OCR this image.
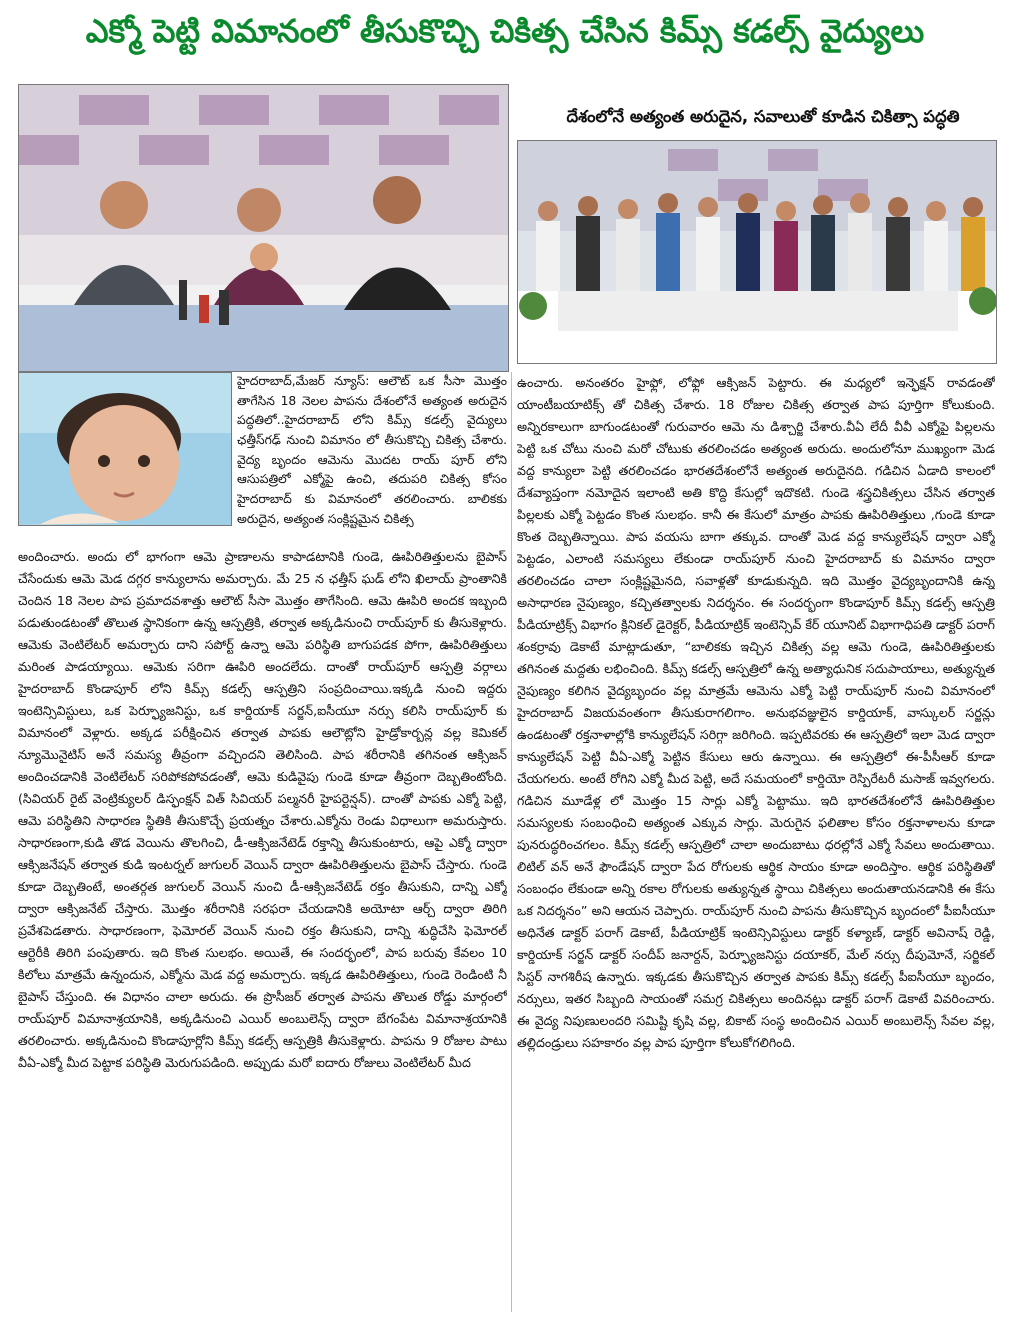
ఎక్మో పెట్టి విమానంలో తీసుకొచ్చి చికిత్స చేసిన కిమ్స్ కడల్స్ వైద్యులు
దేశంలోనే అత్యంత అరుదైన, సవాలుతో కూడిన చికిత్సా పద్ధతి

హైదరాబాద్,మేజర్ న్యూస్: ఆలౌట్ ఒక సీసా మొత్తం తాగేసిన 18 నెలల పాపను దేశంలోనే అత్యంత అరుదైన పద్ధతిలో..హైదరాబాద్ లోని కిమ్స్ కడల్స్ వైద్యులు ఛత్తీస్‌గఢ్ నుంచి విమానం లో తీసుకొచ్చి చికిత్స చేశారు. వైద్య బృందం ఆమెను మొదట రాయ్ పూర్ లోని ఆసుపత్రిలో ఎక్మోపై ఉంచి, తదుపరి చికిత్స కోసం హైదరాబాద్ కు విమానంలో తరలించారు. బాలికకు అరుదైన, అత్యంత సంక్లిష్టమైన చికిత్స

అందించారు. అందు లో భాగంగా ఆమె ప్రాణాలను కాపాడటానికి గుండె, ఊపిరితిత్తులను బైపాస్ చేసేందుకు ఆమె మెడ దగ్గర కాన్యులాను అమర్చారు. మే 25 న ఛత్తీస్ ఘడ్ లోని ఖిలాయ్ ప్రాంతానికి చెందిన 18 నెలల పాప ప్రమాదవశాత్తు ఆలౌట్ సీసా మొత్తం తాగేసింది. ఆమె ఊపిరి అందక ఇబ్బంది పడుతుండటంతో తొలుత స్థానికంగా ఉన్న ఆస్పత్రికి, తర్వాత అక్కడినుంచి రాయ్‌పూర్ కు తీసుకెళ్లారు. ఆమెకు వెంటిలేటర్ అమర్చారు దాని సపోర్ట్ ఉన్నా ఆమె పరిస్థితి బాగుపడక పోగా, ఊపిరితిత్తులు మరింత పాడయ్యాయి. ఆమెకు సరిగా ఊపిరి అందలేదు. దాంతో రాయ్‌పూర్ ఆస్పత్రి వర్గాలు హైదరాబాద్ కొండాపూర్ లోని కిమ్స్ కడల్స్ ఆస్పత్రిని సంప్రదించాయి.ఇక్కడి నుంచి ఇద్దరు ఇంటెన్సివిస్టులు, ఒక పెర్ఫ్యూజనిస్టు, ఒక కార్డియాక్ సర్జన్,ఐసీయూ నర్సు కలిసి రాయ్‌పూర్ కు విమానంలో వెళ్లారు. అక్కడ పరీక్షించిన తర్వాత పాపకు ఆలౌట్లోని హైడ్రోకార్బన్ల వల్ల కెమికల్ న్యూమొనైటిస్ అనే సమస్య తీవ్రంగా వచ్చిందని తెలిసింది. పాప శరీరానికి తగినంత ఆక్సిజన్ అందించడానికి వెంటిలేటర్ సరిపోకపోవడంతో, ఆమె కుడివైపు గుండె కూడా తీవ్రంగా దెబ్బతింటోంది. (సివియర్ రైట్ వెంట్రిక్యులర్ డిస్ఫంక్షన్ విత్ సివియర్ పల్మనరీ హైపర్టెన్షన్). దాంతో పాపకు ఎక్మో పెట్టి, ఆమె పరిస్థితిని సాధారణ స్థితికి తీసుకొచ్చే ప్రయత్నం చేశారు.ఎక్మోను రెండు విధాలుగా అమరుస్తారు. సాధారణంగా,కుడి తొడ వెయిను తొలగించి, డీ-ఆక్సిజనేటెడ్ రక్తాన్ని తీసుకుంటారు, ఆపై ఎక్మో ద్వారా ఆక్సిజనేషన్ తర్వాత కుడి ఇంటర్నల్ జుగులర్ వెయిన్ ద్వారా ఊపిరితిత్తులను బైపాస్ చేస్తారు. గుండె కూడా దెబ్బతింటే, అంతర్గత జుగులర్ వెయిన్ నుంచి డీ-ఆక్సిజనేటెడ్ రక్తం తీసుకుని, దాన్ని ఎక్మో ద్వారా ఆక్సిజనేట్ చేస్తారు. మొత్తం శరీరానికి సరఫరా చేయడానికి అయోటా ఆర్చ్ ద్వారా తిరిగి ప్రవేశపెడతారు. సాధారణంగా, ఫెమోరల్ వెయిన్ నుంచి రక్తం తీసుకుని, దాన్ని శుద్ధిచేసి ఫెమోరల్ ఆర్టెరీకి తిరిగి పంపుతారు. ఇది కొంత సులభం. అయితే, ఈ సందర్భంలో, పాప బరువు కేవలం 10 కిలోలు మాత్రమే ఉన్నందున, ఎక్మోను మెడ వద్ద అమర్చారు. ఇక్కడ ఊపిరితిత్తులు, గుండె రెండింటి నీ బైపాస్ చేస్తుంది. ఈ విధానం చాలా అరుదు. ఈ ప్రొసీజర్ తర్వాత పాపను తొలుత రోడ్డు మార్గంలో రాయ్‌పూర్ విమానాశ్రయానికి, అక్కడినుంచి ఎయిర్ అంబులెన్స్ ద్వారా బేగంపేట విమానాశ్రయానికి తరలించారు. అక్కడినుంచి కొండాపూర్లోని కిమ్స్ కడల్స్ ఆస్పత్రికి తీసుకెళ్లారు. పాపను 9 రోజుల పాటు వీఏ-ఎక్మో మీద పెట్టాక పరిస్థితి మెరుగుపడింది. అప్పుడు మరో ఐదారు రోజులు వెంటిలేటర్ మీద

ఉంచారు. అనంతరం హైఫ్లో, లోఫ్లో ఆక్సిజన్ పెట్టారు. ఈ మధ్యలో ఇన్ఫెక్షన్ రావడంతో యాంటీబయాటిక్స్ తో చికిత్స చేశారు. 18 రోజుల చికిత్స తర్వాత పాప పూర్తిగా కోలుకుంది. అన్నిరకాలుగా బాగుండటంతో గురువారం ఆమె ను డిశ్చార్జి చేశారు.వీఏ లేదీ వీవీ ఎక్మోపై పిల్లలను పెట్టి ఒక చోటు నుంచి మరో చోటుకు తరలించడం అత్యంత అరుదు. అందులోనూ ముఖ్యంగా మెడ వద్ద కాన్యులా పెట్టి తరలించడం భారతదేశంలోనే అత్యంత అరుదైనది. గడిచిన ఏడాది కాలంలో దేశవ్యాప్తంగా నమోదైన ఇలాంటి అతి కొద్ది కేసుల్లో ఇదొకటి. గుండె శస్త్రచికిత్సలు చేసిన తర్వాత పిల్లలకు ఎక్మో పెట్టడం కొంత సులభం. కానీ ఈ కేసులో మాత్రం పాపకు ఊపిరితిత్తులు ,గుండె కూడా కొంత దెబ్బతిన్నాయి. పాప వయసు బాగా తక్కువ. దాంతో మెడ వద్ద కాన్యులేషన్ ద్వారా ఎక్మో పెట్టడం, ఎలాంటి సమస్యలు లేకుండా రాయ్‌పూర్ నుంచి హైదరాబాద్ కు విమానం ద్వారా తరలించడం చాలా సంక్లిష్టమైనది, సవాళ్లతో కూడుకున్నది. ఇది మొత్తం వైద్యబృందానికి ఉన్న అసాధారణ నైపుణ్యం, కచ్చితత్వాలకు నిదర్శనం. ఈ సందర్భంగా కొండాపూర్ కిమ్స్ కడల్స్ ఆస్పత్రి పీడియాట్రిక్స్ విభాగం క్లినికల్ డైరెక్టర్, పీడియాట్రిక్ ఇంటెన్సివ్ కేర్ యూనిట్ విభాగాధిపతి డాక్టర్ పరాగ్ శంకర్రావు డెకాటే మాట్లాడుతూ, “బాలికకు ఇచ్చిన చికిత్స వల్ల ఆమె గుండె, ఊపిరితిత్తులకు తగినంత మద్దతు లభించింది. కిమ్స్ కడల్స్ ఆస్పత్రిలో ఉన్న అత్యాధునిక సదుపాయాలు, అత్యున్నత నైపుణ్యం కలిగిన వైద్యబృందం వల్ల మాత్రమే ఆమెను ఎక్మో పెట్టి రాయ్‌పూర్ నుంచి విమానంలో హైదరాబాద్ విజయవంతంగా తీసుకురాగలిగాం. అనుభవజ్ఞులైన కార్డియాక్, వాస్కులర్ సర్జన్లు ఉండటంతో రక్తనాళాల్లోకి కాన్యులేషన్ సరిగ్గా జరిగింది. ఇప్పటివరకు ఈ ఆస్పత్రిలో ఇలా మెడ ద్వారా కాన్యులేషన్ పెట్టి వీఏ-ఎక్మో పెట్టిన కేసులు ఆరు ఉన్నాయి. ఈ ఆస్పత్రిలో ఈ-పీసీఆర్ కూడా చేయగలరు. అంటే రోగిని ఎక్మో మీద పెట్టి, అదే సమయంలో కార్డియో రెస్పిరేటరీ మసాజ్ ఇవ్వగలరు. గడిచిన మూడేళ్ల లో మొత్తం 15 సార్లు ఎక్మో పెట్టాము. ఇది భారతదేశంలోనే ఊపిరితిత్తుల సమస్యలకు సంబంధించి అత్యంత ఎక్కువ సార్లు. మెరుగైన ఫలితాల కోసం రక్తనాళాలను కూడా పునరుద్ధరించగలం. కిమ్స్ కడల్స్ ఆస్పత్రిలో చాలా అందుబాటు ధరల్లోనే ఎక్మో సేవలు అందుతాయి. లిటిల్ వన్ అనే ఫౌండేషన్ ద్వారా పేద రోగులకు ఆర్థిక సాయం కూడా అందిస్తాం. ఆర్థిక పరిస్థితితో సంబంధం లేకుండా అన్ని రకాల రోగులకు అత్యున్నత స్థాయి చికిత్సలు అందుతాయనడానికి ఈ కేసు ఒక నిదర్శనం” అని ఆయన చెప్పారు. రాయ్‌పూర్ నుంచి పాపను తీసుకొచ్చిన బృందంలో పీఐసీయూ అధినేత డాక్టర్ పరాగ్ డెకాటే, పీడియాట్రిక్ ఇంటెన్సివిస్టులు డాక్టర్ కళ్యాణ్, డాక్టర్ అవినాష్ రెడ్డి, కార్డియాక్ సర్జన్ డాక్టర్ సందీప్ జనార్దన్, పెర్ఫ్యూజనిస్టు దయాకర్, మేల్ నర్సు దీపుమోనే, సర్జికల్ సిస్టర్ నాగశిరీష ఉన్నారు. ఇక్కడకు తీసుకొచ్చిన తర్వాత పాపకు కిమ్స్ కడల్స్ పీఐసీయూ బృందం, నర్సులు, ఇతర సిబ్బంది సాయంతో సమగ్ర చికిత్సలు అందినట్లు డాక్టర్ పరాగ్ డెకాటే వివరించారు. ఈ వైద్య నిపుణులందరి సమిష్టి కృషి వల్ల, బికాట్ సంస్థ అందించిన ఎయిర్ అంబులెన్స్ సేవల వల్ల, తల్లిదండ్రులు సహకారం వల్ల పాప పూర్తిగా కోలుకోగలిగింది.
